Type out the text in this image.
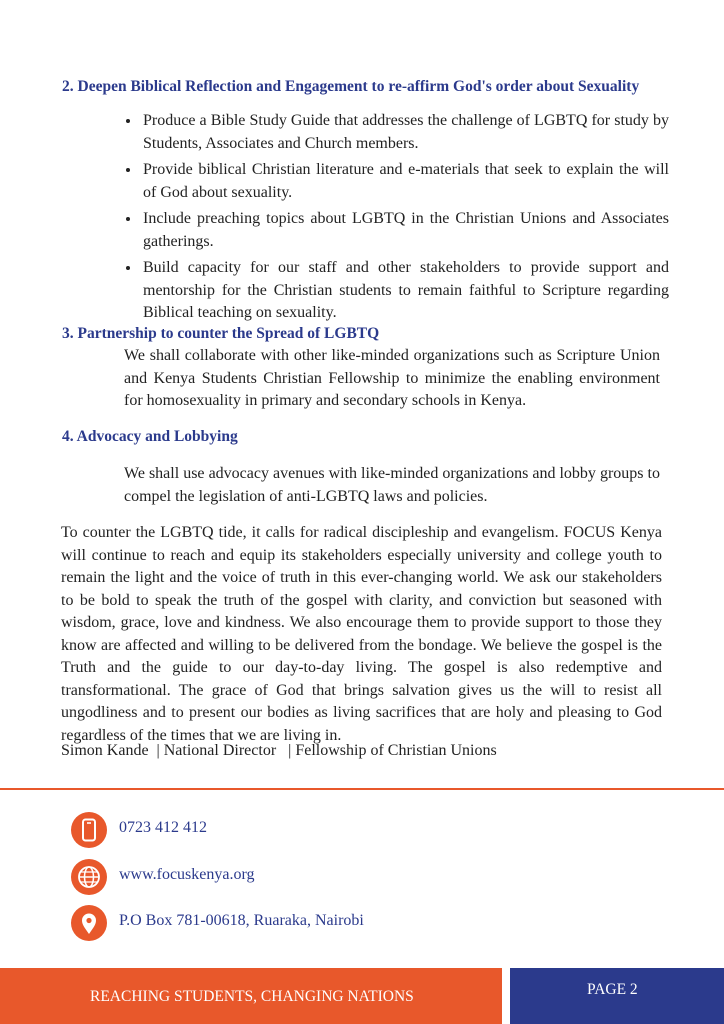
2. Deepen Biblical Reflection and Engagement to re-affirm God's order about Sexuality
• Produce a Bible Study Guide that addresses the challenge of LGBTQ for study by Students, Associates and Church members.
• Provide biblical Christian literature and e-materials that seek to explain the will of God about sexuality.
• Include preaching topics about LGBTQ in the Christian Unions and Associates gatherings.
• Build capacity for our staff and other stakeholders to provide support and mentorship for the Christian students to remain faithful to Scripture regarding Biblical teaching on sexuality.
3. Partnership to counter the Spread of LGBTQ

We shall collaborate with other like-minded organizations such as Scripture Union and Kenya Students Christian Fellowship to minimize the enabling environment for homosexuality in primary and secondary schools in Kenya.

4. Advocacy and Lobbying

We shall use advocacy avenues with like-minded organizations and lobby groups to compel the legislation of anti-LGBTQ laws and policies.

To counter the LGBTQ tide, it calls for radical discipleship and evangelism. FOCUS Kenya will continue to reach and equip its stakeholders especially university and college youth to remain the light and the voice of truth in this ever-changing world. We ask our stakeholders to be bold to speak the truth of the gospel with clarity, and conviction but seasoned with wisdom, grace, love and kindness. We also encourage them to provide support to those they know are affected and willing to be delivered from the bondage. We believe the gospel is the Truth and the guide to our day-to-day living. The gospel is also redemptive and transformational. The grace of God that brings salvation gives us the will to resist all ungodliness and to present our bodies as living sacrifices that are holy and pleasing to God regardless of the times that we are living in.

Simon Kande  | National Director   | Fellowship of Christian Unions

0723 412 412
www.focuskenya.org
P.O Box 781-00618, Ruaraka, Nairobi
REACHING STUDENTS, CHANGING NATIONS	PAGE 2
